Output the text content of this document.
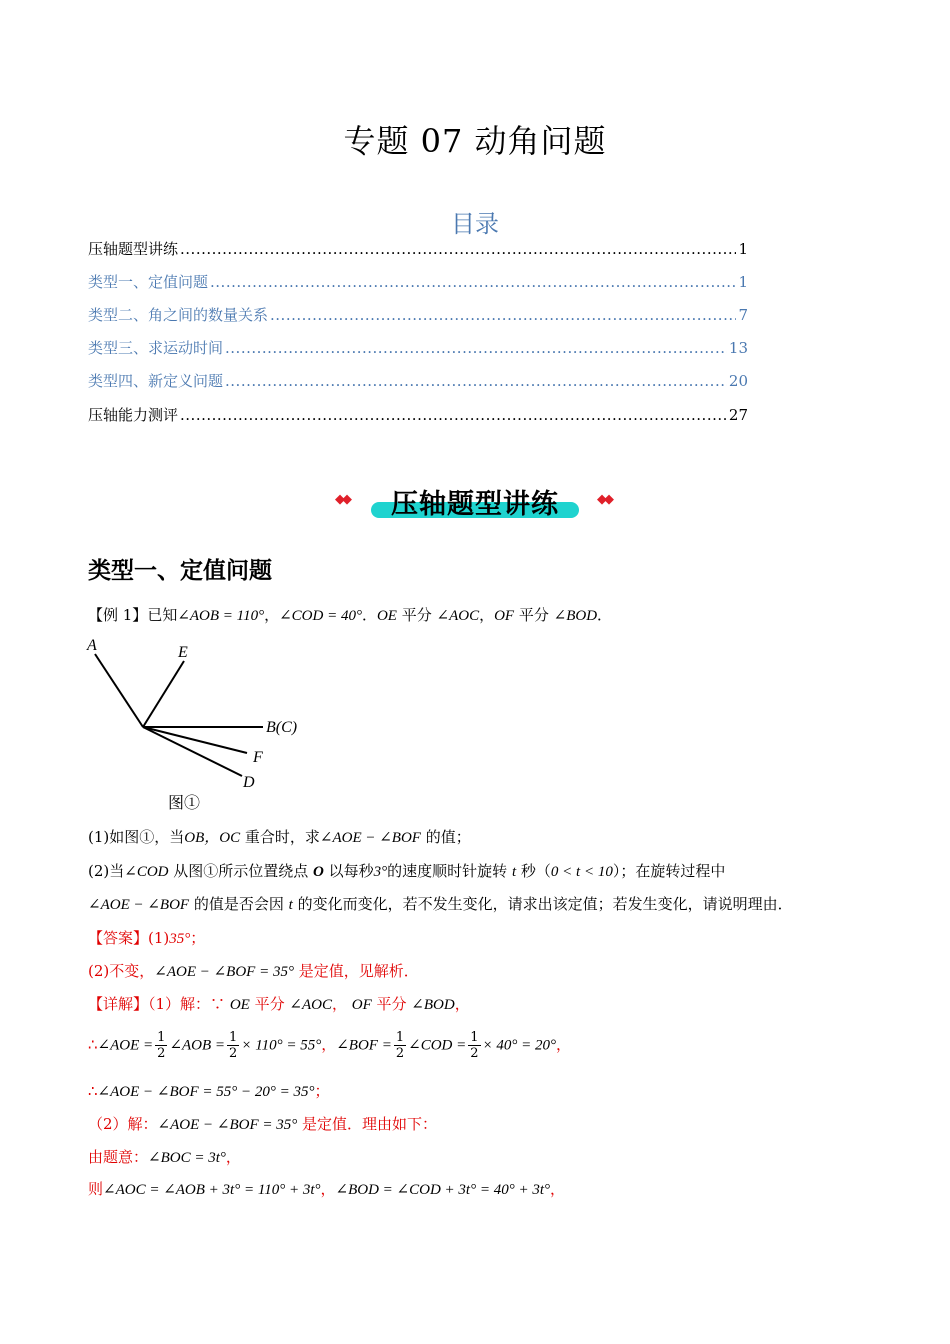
专题 07 动角问题
目录
压轴题型讲练 .....	1
类型一、定值问题 .....	1
类型二、角之间的数量关系 .....	7
类型三、求运动时间 .....	13
类型四、新定义问题 .....	20
压轴能力测评 .....	27
◆◆	压轴题型讲练	◆◆
类型一、定值问题
【例 1】已知∠AOB = 110°，∠COD = 40°．OE 平分 ∠AOC，OF 平分 ∠BOD．
A	E
B(C)
F
D
图①
(1)如图①，当OB，OC 重合时，求∠AOE − ∠BOF 的值；
(2)当∠COD 从图①所示位置绕点 O 以每秒3°的速度顺时针旋转 t 秒（0 < t < 10）；在旋转过程中
∠AOE − ∠BOF 的值是否会因 t 的变化而变化，若不发生变化，请求出该定值；若发生变化，请说明理由．
【答案】(1)35°；
(2)不变，∠AOE − ∠BOF = 35° 是定值，见解析．
【详解】（1）解：∵ OE 平分 ∠AOC， OF 平分 ∠BOD，
∴∠AOE = $\frac{1}{2}$ ∠AOB = $\frac{1}{2} \times 110^\circ = 55^\circ$，∠BOF = $\frac{1}{2}$ ∠COD = $\frac{1}{2} \times 40^\circ = 20^\circ$，
∴∠AOE − ∠BOF = 55° − 20° = 35°；
（2）解：∠AOE − ∠BOF = 35° 是定值．理由如下：
由题意：∠BOC = 3t°，
则∠AOC = ∠AOB + 3t° = 110° + 3t°，∠BOD = ∠COD + 3t° = 40° + 3t°，
